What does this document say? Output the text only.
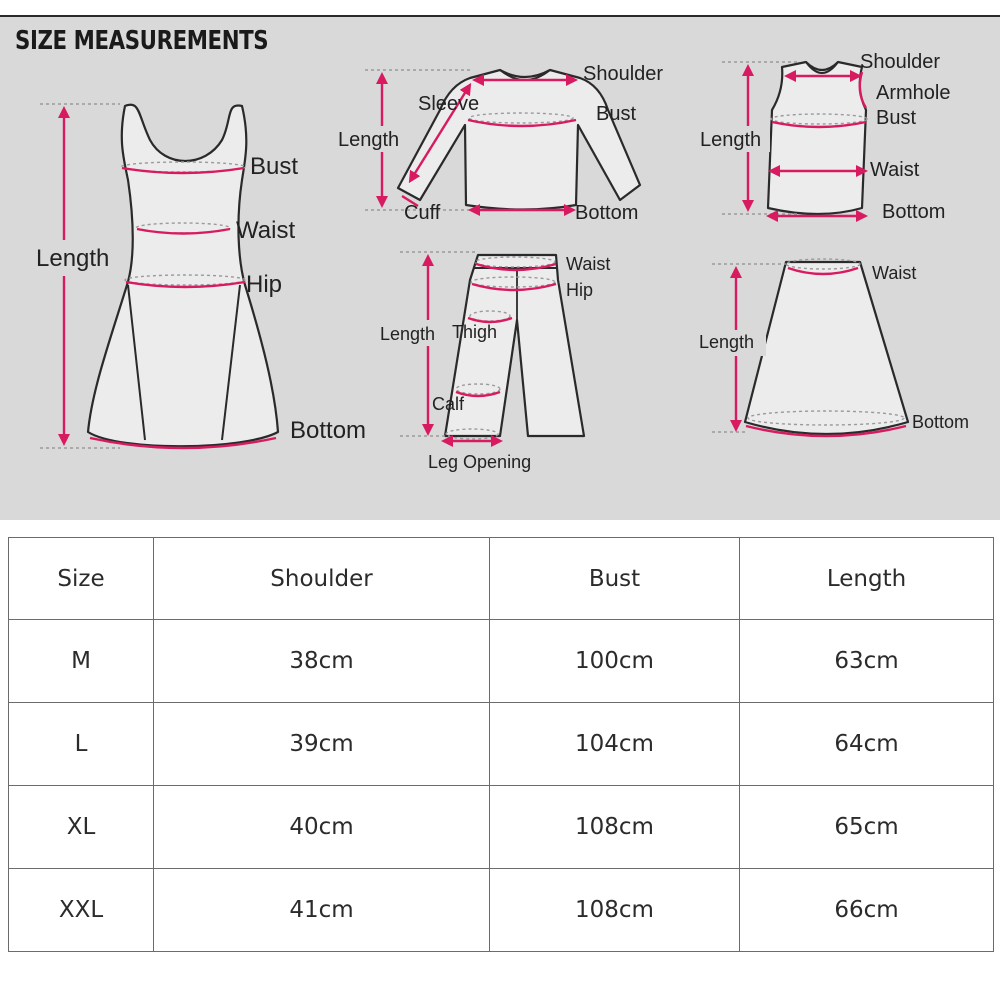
Length
Bust
Waist
Hip
Bottom
Length
Sleeve
Shoulder
Bust
Cuff	Bottom
Length
Shoulder
Armhole
Bust
Waist
Bottom
Length Thigh
Calf
Waist
Hip
Leg Opening
Length
Waist
Bottom
SIZE MEASUREMENTS
Size	Shoulder	Bust	Length
M	38cm	100cm	63cm
L	39cm	104cm	64cm
XL	40cm	108cm	65cm
XXL	41cm	108cm	66cm
